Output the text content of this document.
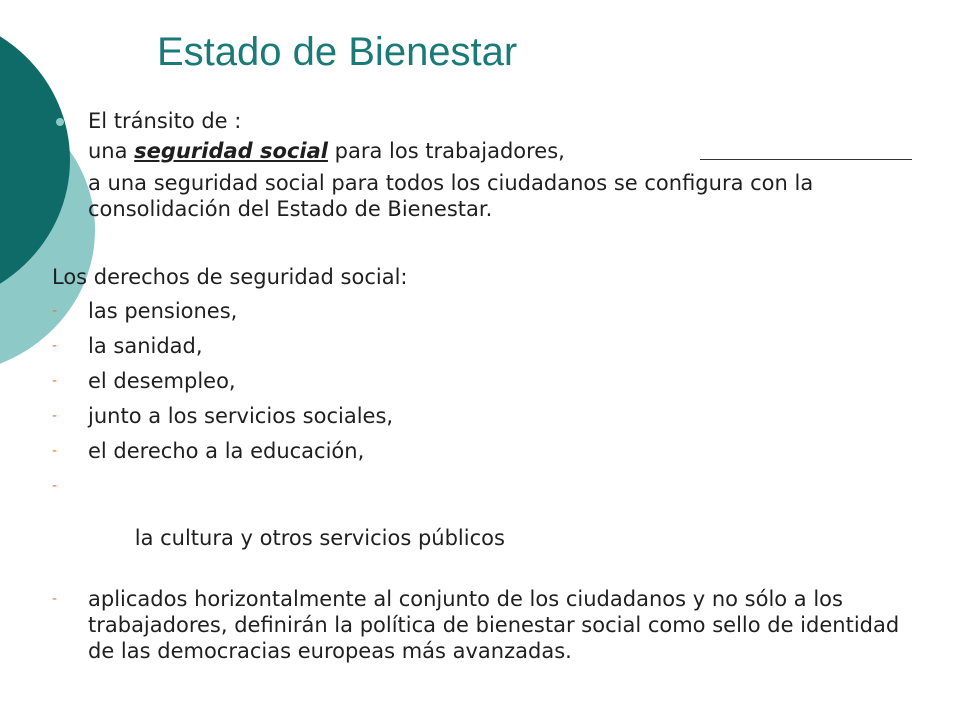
Estado de Bienestar
El tránsito de :
una seguridad social para los trabajadores,
a una seguridad social para todos los ciudadanos se configura con la consolidación del Estado de Bienestar.
Los derechos de seguridad social:
- las pensiones,
- la sanidad,
- el desempleo,
- junto a los servicios sociales,
- el derecho a la educación,

-

la cultura y otros servicios públicos

- aplicados horizontalmente al conjunto de los ciudadanos y no sólo a los trabajadores, definirán la política de bienestar social como sello de identidad de las democracias europeas más avanzadas.
